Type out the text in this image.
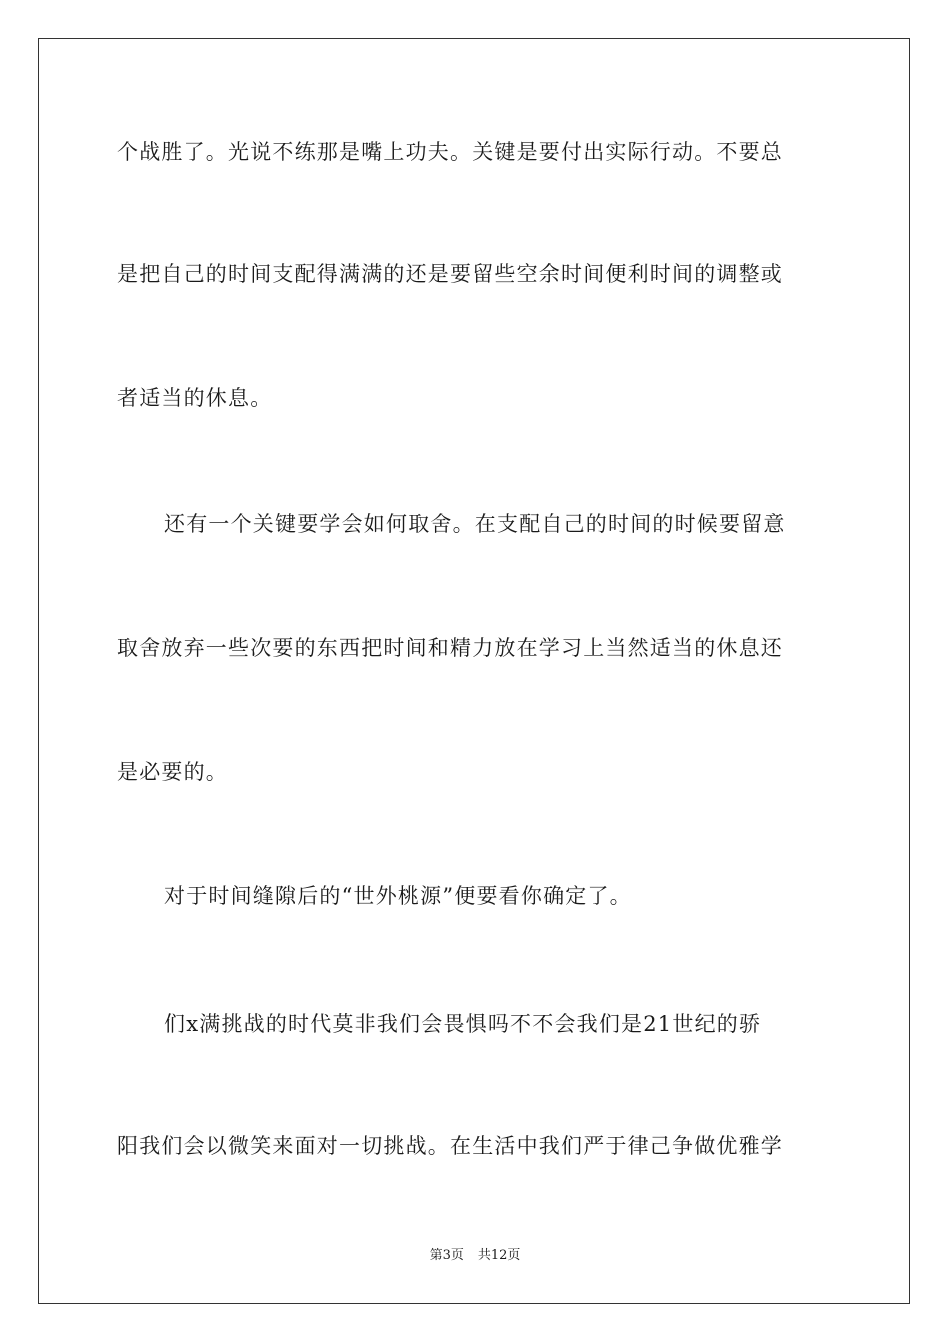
个战胜了。光说不练那是嘴上功夫。关键是要付出实际行动。不要总
是把自己的时间支配得满满的还是要留些空余时间便利时间的调整或
者适当的休息。
还有一个关键要学会如何取舍。在支配自己的时间的时候要留意
取舍放弃一些次要的东西把时间和精力放在学习上当然适当的休息还
是必要的。
对于时间缝隙后的“世外桃源”便要看你确定了。
们x满挑战的时代莫非我们会畏惧吗不不会我们是21世纪的骄
阳我们会以微笑来面对一切挑战。在生活中我们严于律己争做优雅学
第3页 共12页
